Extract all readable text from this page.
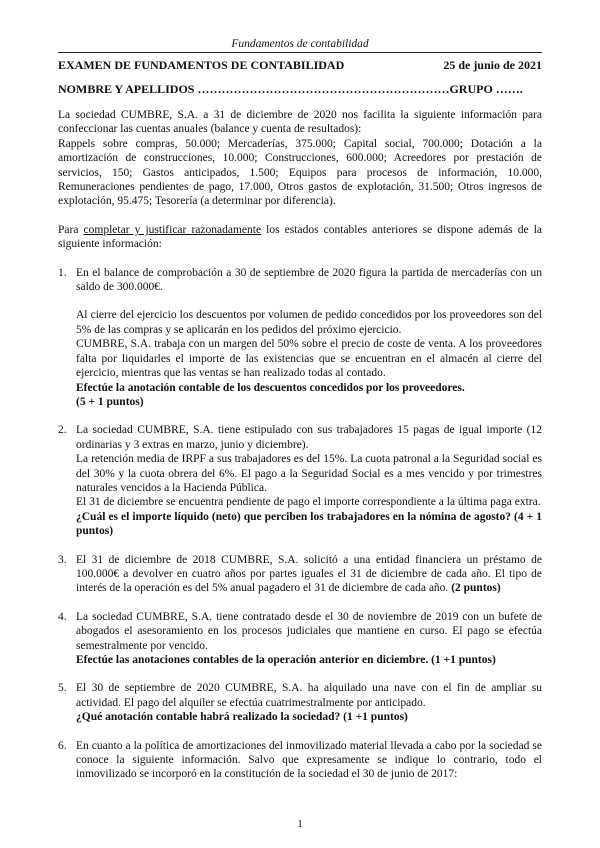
Fundamentos de contabilidad
EXAMEN DE FUNDAMENTOS DE CONTABILIDAD	25 de junio de 2021
NOMBRE Y APELLIDOS ………………………………………………………GRUPO …….

La sociedad CUMBRE, S.A. a 31 de diciembre de 2020 nos facilita la siguiente información para confeccionar las cuentas anuales (balance y cuenta de resultados):

Rappels sobre compras, 50.000; Mercaderías, 375.000; Capital social, 700.000; Dotación a la amortización de construcciones, 10.000; Construcciones, 600.000; Acreedores por prestación de servicios, 150; Gastos anticipados, 1.500; Equipos para procesos de información, 10.000, Remuneraciones pendientes de pago, 17.000, Otros gastos de explotación, 31.500; Otros ingresos de explotación, 95.475; Tesorería (a determinar por diferencia).

Para completar y justificar razonadamente los estados contables anteriores se dispone además de la siguiente información:

1. En el balance de comprobación a 30 de septiembre de 2020 figura la partida de mercaderías con un saldo de 300.000€.

Al cierre del ejercicio los descuentos por volumen de pedido concedidos por los proveedores son del 5% de las compras y se aplicarán en los pedidos del próximo ejercicio.

CUMBRE, S.A. trabaja con un margen del 50% sobre el precio de coste de venta. A los proveedores falta por liquidarles el importe de las existencias que se encuentran en el almacén al cierre del ejercicio, mientras que las ventas se han realizado todas al contado.

Efectúe la anotación contable de los descuentos concedidos por los proveedores.

(5 + 1 puntos)

2. La sociedad CUMBRE, S.A. tiene estipulado con sus trabajadores 15 pagas de igual importe (12 ordinarias y 3 extras en marzo, junio y diciembre).

La retención media de IRPF a sus trabajadores es del 15%. La cuota patronal a la Seguridad social es del 30% y la cuota obrera del 6%. El pago a la Seguridad Social es a mes vencido y por trimestres naturales vencidos a la Hacienda Pública.

El 31 de diciembre se encuentra pendiente de pago el importe correspondiente a la última paga extra.

¿Cuál es el importe líquido (neto) que perciben los trabajadores en la nómina de agosto? (4 + 1 puntos)

3. El 31 de diciembre de 2018 CUMBRE, S.A. solicitó a una entidad financiera un préstamo de 100.000€ a devolver en cuatro años por partes iguales el 31 de diciembre de cada año. El tipo de interés de la operación es del 5% anual pagadero el 31 de diciembre de cada año. (2 puntos)

4. La sociedad CUMBRE, S.A. tiene contratado desde el 30 de noviembre de 2019 con un bufete de abogados el asesoramiento en los procesos judiciales que mantiene en curso. El pago se efectúa semestralmente por vencido.

Efectúe las anotaciones contables de la operación anterior en diciembre. (1 +1 puntos)

5. El 30 de septiembre de 2020 CUMBRE, S.A. ha alquilado una nave con el fin de ampliar su actividad. El pago del alquiler se efectúa cuatrimestralmente por anticipado.

¿Qué anotación contable habrá realizado la sociedad? (1 +1 puntos)

6. En cuanto a la política de amortizaciones del inmovilizado material llevada a cabo por la sociedad se conoce la siguiente información. Salvo que expresamente se indique lo contrario, todo el inmovilizado se incorporó en la constitución de la sociedad el 30 de junio de 2017:

1
